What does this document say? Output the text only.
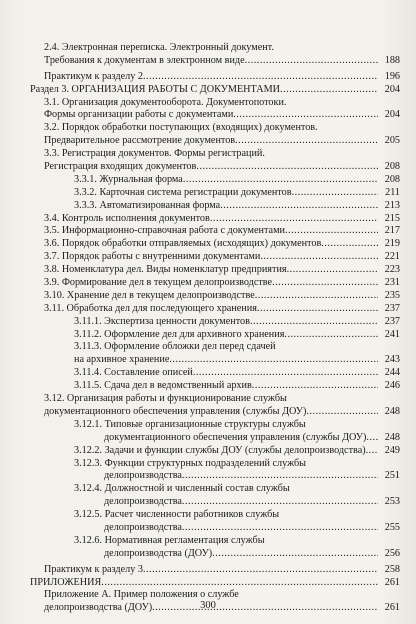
2.4. Электронная переписка. Электронный документ.
Требования к документам в электронном виде .....	188
Практикум к разделу 2 .....	196
Раздел 3. ОРГАНИЗАЦИЯ РАБОТЫ С ДОКУМЕНТАМИ .....	204
3.1. Организация документооборота. Документопотоки.
Формы организации работы с документами .....	204
3.2. Порядок обработки поступающих (входящих) документов.
Предварительное рассмотрение документов .....	205
3.3. Регистрация документов. Формы регистраций.
Регистрация входящих документов .....	208
3.3.1. Журнальная форма .....	208
3.3.2. Карточная система регистрации документов .....	211
3.3.3. Автоматизированная форма .....	213
3.4. Контроль исполнения документов .....	215
3.5. Информационно-справочная работа с документами .....	217
3.6. Порядок обработки отправляемых (исходящих) документов .....	219
3.7. Порядок работы с внутренними документами .....	221
3.8. Номенклатура дел. Виды номенклатур предприятия .....	223
3.9. Формирование дел в текущем делопроизводстве .....	231
3.10. Хранение дел в текущем делопроизводстве .....	235
3.11. Обработка дел для последующего хранения .....	237
3.11.1. Экспертиза ценности документов .....	237
3.11.2. Оформление дел для архивного хранения .....	241
3.11.3. Оформление обложки дел перед сдачей
на архивное хранение .....	243
3.11.4. Составление описей .....	244
3.11.5. Сдача дел в ведомственный архив .....	246
3.12. Организация работы и функционирование службы
документационного обеспечения управления (службы ДОУ) .....	248
3.12.1. Типовые организационные структуры службы
документационного обеспечения управления (службы ДОУ) .....	248
3.12.2. Задачи и функции службы ДОУ (службы делопроизводства) .....	249
3.12.3. Функции структурных подразделений службы
делопроизводства .....	251
3.12.4. Должностной и численный состав службы
делопроизводства .....	253
3.12.5. Расчет численности работников службы
делопроизводства .....	255
3.12.6. Нормативная регламентация службы
делопроизводства (ДОУ) .....	256
Практикум к разделу 3 .....	258
ПРИЛОЖЕНИЯ .....	261
Приложение А. Пример положения о службе
делопроизводства (ДОУ) .....	261
300
